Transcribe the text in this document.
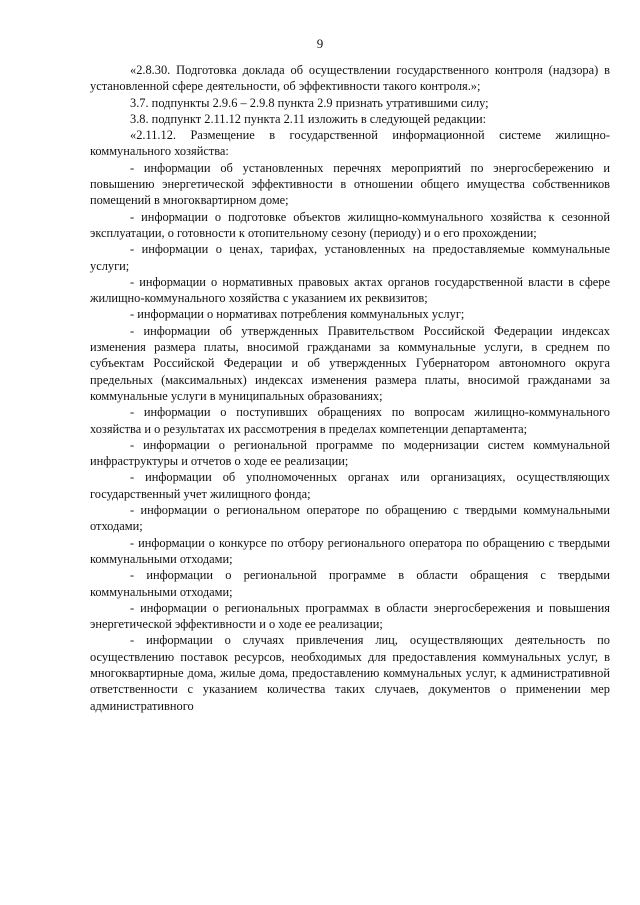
9

«2.8.30. Подготовка доклада об осуществлении государственного контроля (надзора) в установленной сфере деятельности, об эффективности такого контроля.»;

3.7. подпункты 2.9.6 – 2.9.8 пункта 2.9 признать утратившими силу;

3.8. подпункт 2.11.12 пункта 2.11 изложить в следующей редакции:

«2.11.12. Размещение в государственной информационной системе жилищно-коммунального хозяйства:

- информации об установленных перечнях мероприятий по энергосбережению и повышению энергетической эффективности в отношении общего имущества собственников помещений в многоквартирном доме;

- информации о подготовке объектов жилищно-коммунального хозяйства к сезонной эксплуатации, о готовности к отопительному сезону (периоду) и о его прохождении;

- информации о ценах, тарифах, установленных на предоставляемые коммунальные услуги;

- информации о нормативных правовых актах органов государственной власти в сфере жилищно-коммунального хозяйства с указанием их реквизитов;

- информации о нормативах потребления коммунальных услуг;

- информации об утвержденных Правительством Российской Федерации индексах изменения размера платы, вносимой гражданами за коммунальные услуги, в среднем по субъектам Российской Федерации и об утвержденных Губернатором автономного округа предельных (максимальных) индексах изменения размера платы, вносимой гражданами за коммунальные услуги в муниципальных образованиях;

- информации о поступивших обращениях по вопросам жилищно-коммунального хозяйства и о результатах их рассмотрения в пределах компетенции департамента;

- информации о региональной программе по модернизации систем коммунальной инфраструктуры и отчетов о ходе ее реализации;

- информации об уполномоченных органах или организациях, осуществляющих государственный учет жилищного фонда;

- информации о региональном операторе по обращению с твердыми коммунальными отходами;

- информации о конкурсе по отбору регионального оператора по обращению с твердыми коммунальными отходами;

- информации о региональной программе в области обращения с твердыми коммунальными отходами;

- информации о региональных программах в области энергосбережения и повышения энергетической эффективности и о ходе ее реализации;

- информации о случаях привлечения лиц, осуществляющих деятельность по осуществлению поставок ресурсов, необходимых для предоставления коммунальных услуг, в многоквартирные дома, жилые дома, предоставлению коммунальных услуг, к административной ответственности с указанием количества таких случаев, документов о применении мер административного
